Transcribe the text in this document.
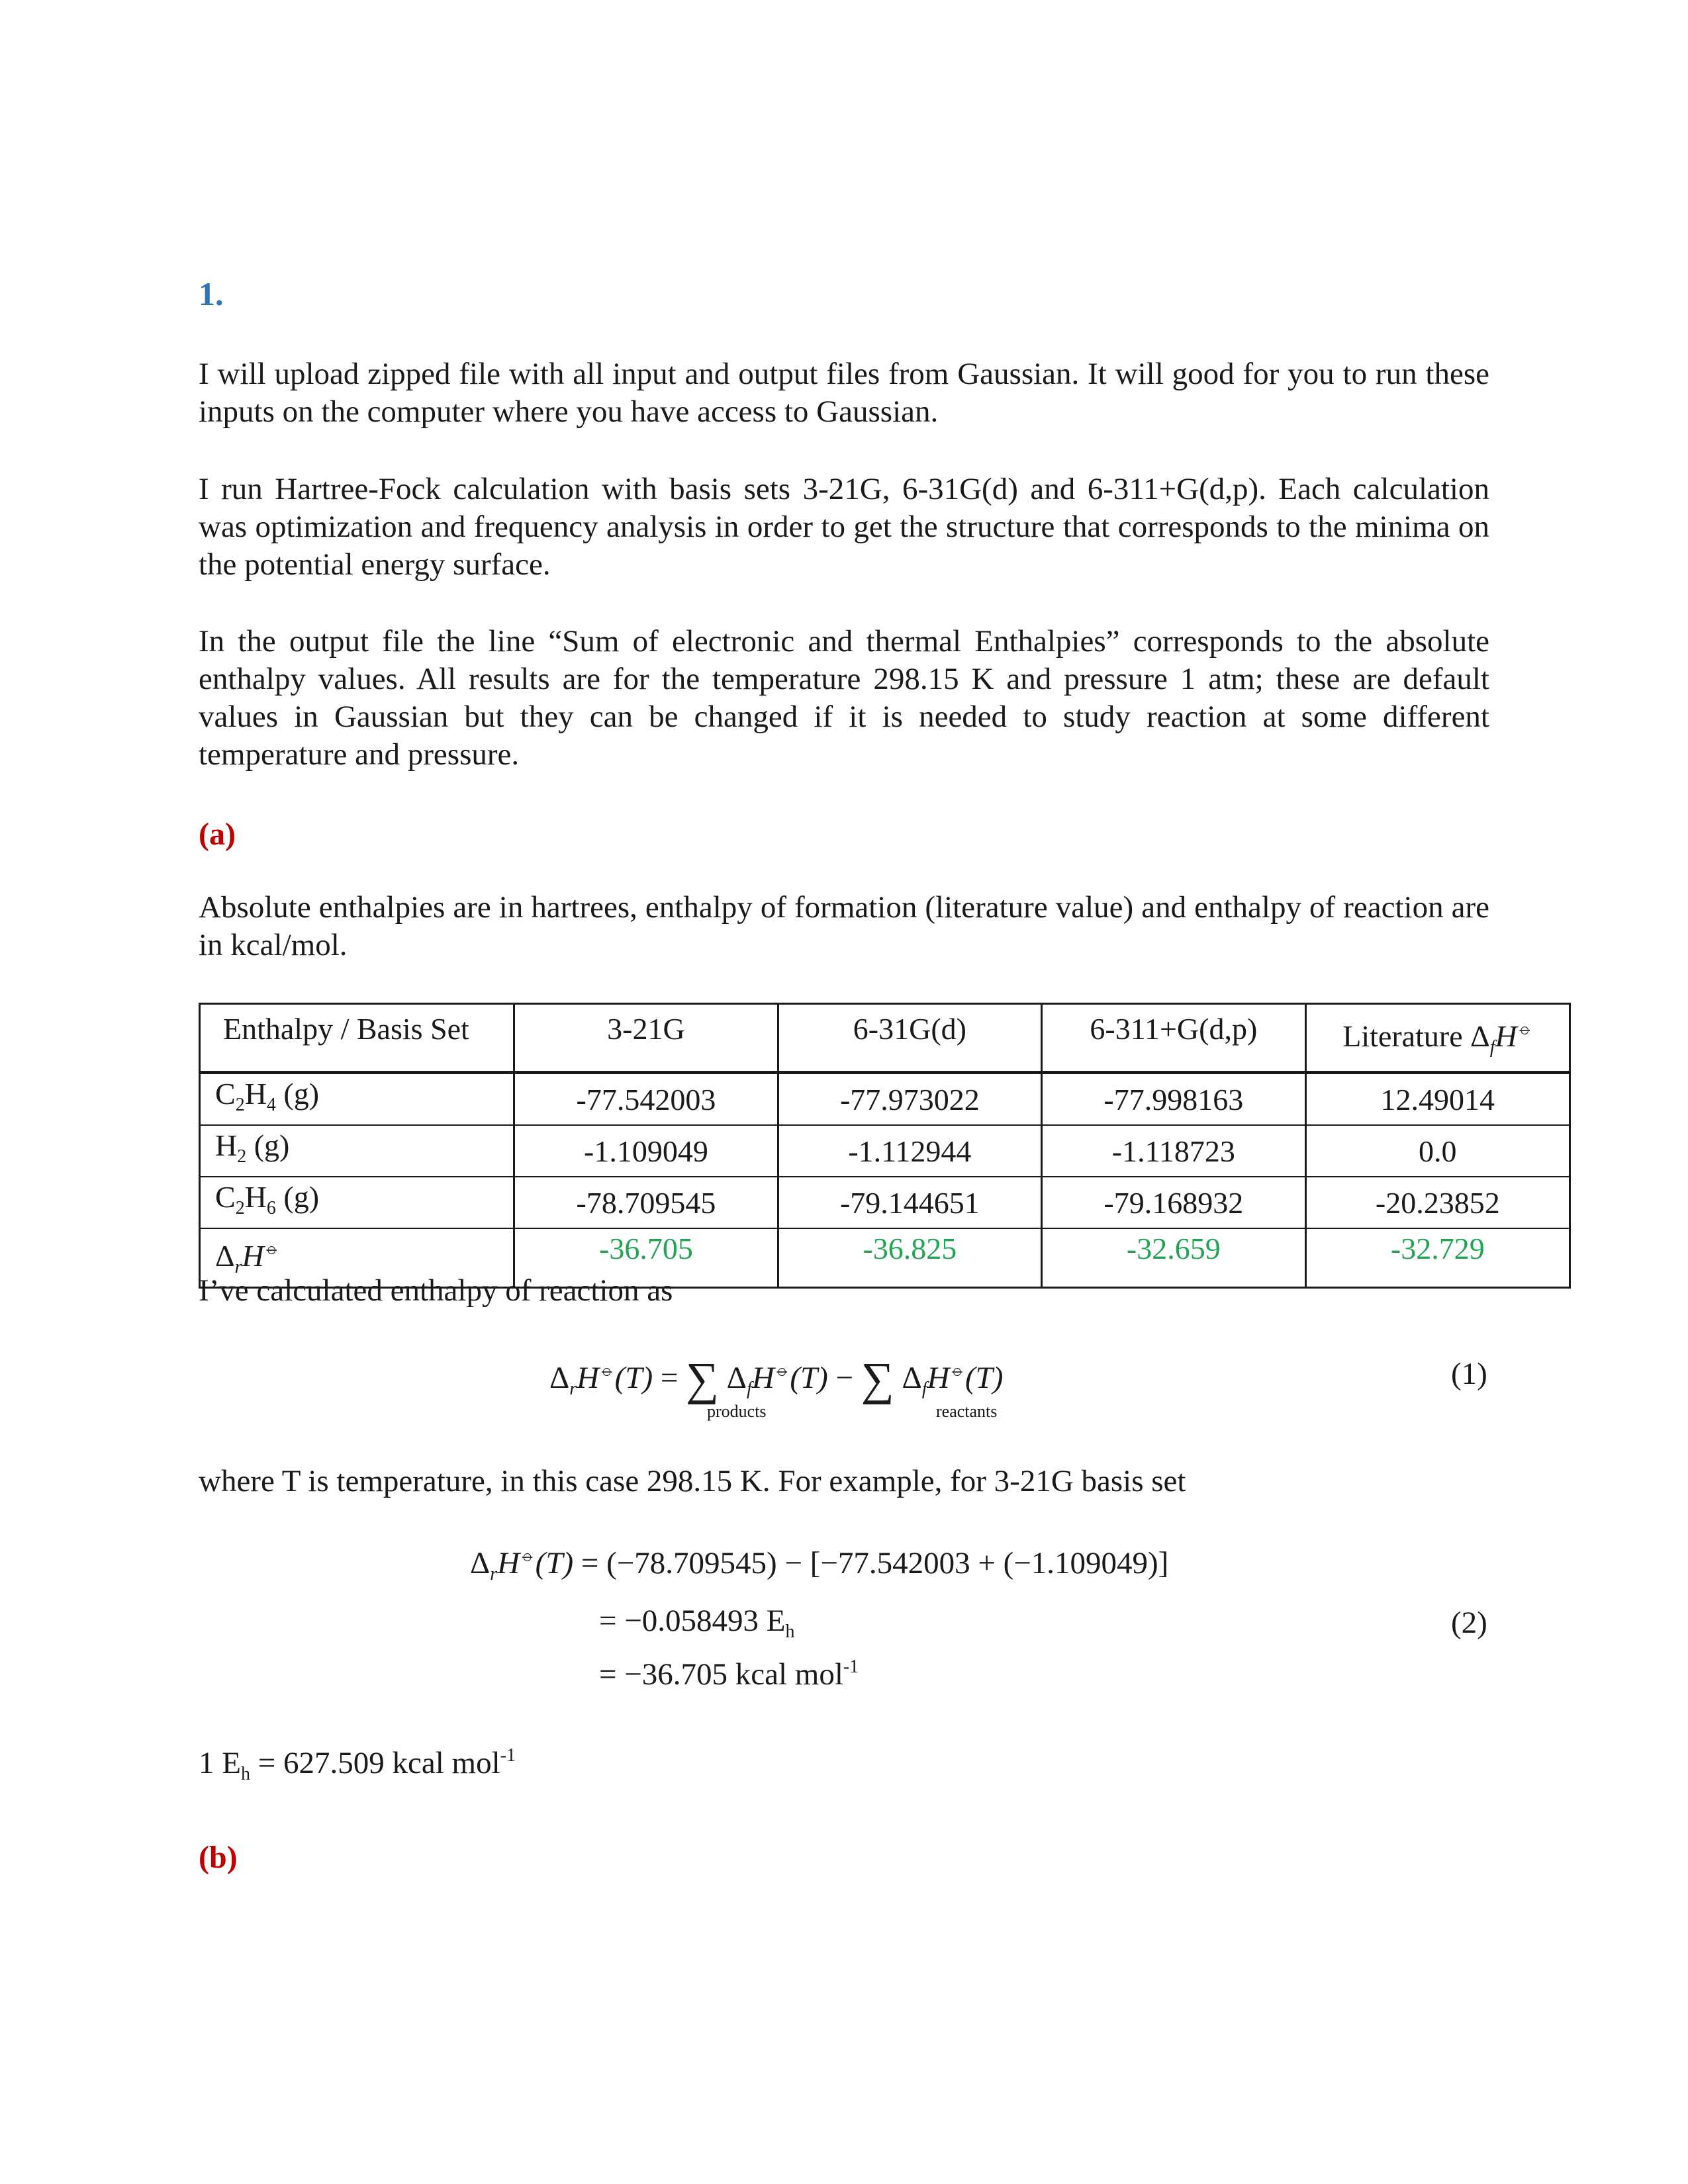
1.
I will upload zipped file with all input and output files from Gaussian. It will good for you to run these inputs on the computer where you have access to Gaussian.
I run Hartree-Fock calculation with basis sets 3-21G, 6-31G(d) and 6-311+G(d,p). Each calculation was optimization and frequency analysis in order to get the structure that corresponds to the minima on the potential energy surface.
In the output file the line “Sum of electronic and thermal Enthalpies” corresponds to the absolute enthalpy values. All results are for the temperature 298.15 K and pressure 1 atm; these are default values in Gaussian but they can be changed if it is needed to study reaction at some different temperature and pressure.
(a)
Absolute enthalpies are in hartrees, enthalpy of formation (literature value) and enthalpy of reaction are in kcal/mol.
Enthalpy / Basis Set	3-21G	6-31G(d)	6-311+G(d,p)	Literature $\Delta_fH^⦵$
$C_2H_4$ (g)	-77.542003	-77.973022	-77.998163	12.49014
$H_2$ (g)	-1.109049	-1.112944	-1.118723	0.0
$C_2H_6$ (g)	-78.709545	-79.144651	-79.168932	-20.23852
$\Delta_rH^⦵$	-36.705	-36.825	-32.659	-32.729
I’ve calculated enthalpy of reaction as
$\Delta_rH^⦵(T)$ = ∑ $\Delta_fH^⦵(T)$ − ∑ $\Delta_fH^⦵(T)$
products	reactants
(1)
where T is temperature, in this case 298.15 K. For example, for 3-21G basis set
$\Delta_rH^⦵(T) = (-78.709545) - [-77.542003 + (-1.109049)]$
= −0.058493 $E_h$
= −36.705 kcal mol$^{-1}$
(2)
1 $E_h = 627.509$ kcal mol$^{-1}$
(b)
